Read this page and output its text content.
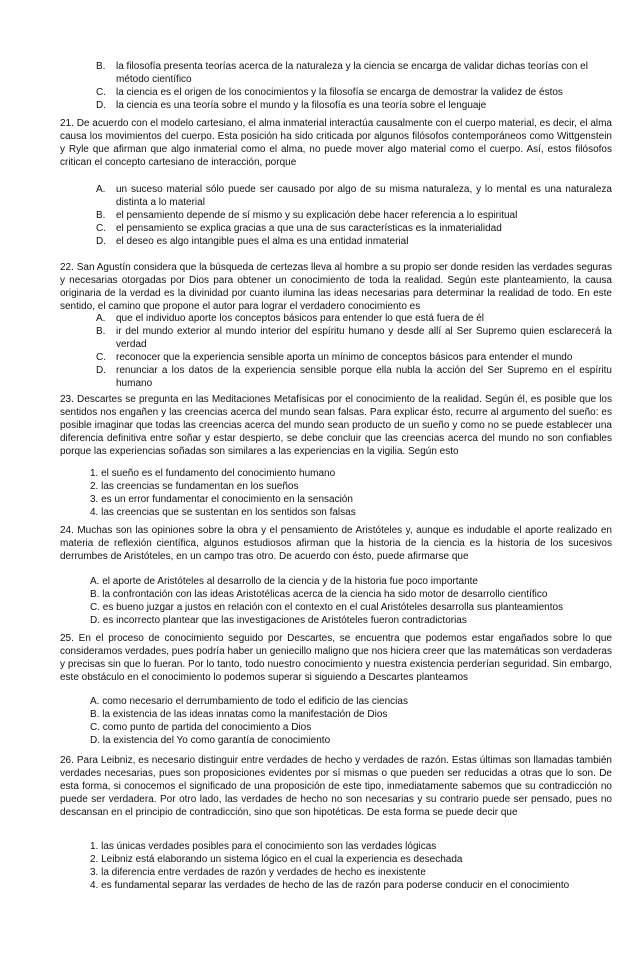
B. la filosofía presenta teorías acerca de la naturaleza y la ciencia se encarga de validar dichas teorías con el método científico

C. la ciencia es el origen de los conocimientos y la filosofía se encarga de demostrar la validez de éstos

D. la ciencia es una teoría sobre el mundo y la filosofía es una teoría sobre el lenguaje

21. De acuerdo con el modelo cartesiano, el alma inmaterial interactúa causalmente con el cuerpo material, es decir, el alma causa los movimientos del cuerpo. Esta posición ha sido criticada por algunos filósofos contemporáneos como Wittgenstein y Ryle que afirman que algo inmaterial como el alma, no puede mover algo material como el cuerpo. Así, estos filósofos critican el concepto cartesiano de interacción, porque

A. un suceso material sólo puede ser causado por algo de su misma naturaleza, y lo mental es una naturaleza distinta a lo material

B. el pensamiento depende de sí mismo y su explicación debe hacer referencia a lo espiritual

C. el pensamiento se explica gracias a que una de sus características es la inmaterialidad

D. el deseo es algo intangible pues el alma es una entidad inmaterial

22. San Agustín considera que la búsqueda de certezas lleva al hombre a su propio ser donde residen las verdades seguras y necesarias otorgadas por Dios para obtener un conocimiento de toda la realidad. Según este planteamiento, la causa originaria de la verdad es la divinidad por cuanto ilumina las ideas necesarias para determinar la realidad de todo. En este sentido, el camino que propone el autor para lograr el verdadero conocimiento es

A. que el individuo aporte los conceptos básicos para entender lo que está fuera de él

B. ir del mundo exterior al mundo interior del espíritu humano y desde allí al Ser Supremo quien esclarecerá la verdad

C. reconocer que la experiencia sensible aporta un mínimo de conceptos básicos para entender el mundo

D. renunciar a los datos de la experiencia sensible porque ella nubla la acción del Ser Supremo en el espíritu humano

23. Descartes se pregunta en las Meditaciones Metafísicas por el conocimiento de la realidad. Según él, es posible que los sentidos nos engañen y las creencias acerca del mundo sean falsas. Para explicar ésto, recurre al argumento del sueño: es posible imaginar que todas las creencias acerca del mundo sean producto de un sueño y como no se puede establecer una diferencia definitiva entre soñar y estar despierto, se debe concluir que las creencias acerca del mundo no son confiables porque las experiencias soñadas son similares a las experiencias en la vigilia. Según esto

1. el sueño es el fundamento del conocimiento humano

2. las creencias se fundamentan en los sueños

3. es un error fundamentar el conocimiento en la sensación

4. las creencias que se sustentan en los sentidos son falsas

24. Muchas son las opiniones sobre la obra y el pensamiento de Aristóteles y, aunque es indudable el aporte realizado en materia de reflexión científica, algunos estudiosos afirman que la historia de la ciencia es la historia de los sucesivos derrumbes de Aristóteles, en un campo tras otro. De acuerdo con ésto, puede afirmarse que

A. el aporte de Aristóteles al desarrollo de la ciencia y de la historia fue poco importante

B. la confrontación con las ideas Aristotélicas acerca de la ciencia ha sido motor de desarrollo científico

C. es bueno juzgar a justos en relación con el contexto en el cual Aristóteles desarrolla sus planteamientos

D. es incorrecto plantear que las investigaciones de Aristóteles fueron contradictorias

25. En el proceso de conocimiento seguido por Descartes, se encuentra que podemos estar engañados sobre lo que consideramos verdades, pues podría haber un geniecillo maligno que nos hiciera creer que las matemáticas son verdaderas y precisas sin que lo fueran. Por lo tanto, todo nuestro conocimiento y nuestra existencia perderían seguridad. Sin embargo, este obstáculo en el conocimiento lo podemos superar si siguiendo a Descartes planteamos

A. como necesario el derrumbamiento de todo el edificio de las ciencias

B. la existencia de las ideas innatas como la manifestación de Dios

C. como punto de partida del conocimiento a Dios

D. la existencia del Yo como garantía de conocimiento

26. Para Leibniz, es necesario distinguir entre verdades de hecho y verdades de razón. Estas últimas son llamadas también verdades necesarias, pues son proposiciones evidentes por sí mismas o que pueden ser reducidas a otras que lo son. De esta forma, si conocemos el significado de una proposición de este tipo, inmediatamente sabemos que su contradicción no puede ser verdadera. Por otro lado, las verdades de hecho no son necesarias y su contrario puede ser pensado, pues no descansan en el principio de contradicción, sino que son hipotéticas. De esta forma se puede decir que

1. las únicas verdades posibles para el conocimiento son las verdades lógicas

2. Leibniz está elaborando un sistema lógico en el cual la experiencia es desechada

3. la diferencia entre verdades de razón y verdades de hecho es inexistente

4. es fundamental separar las verdades de hecho de las de razón para poderse conducir en el conocimiento
